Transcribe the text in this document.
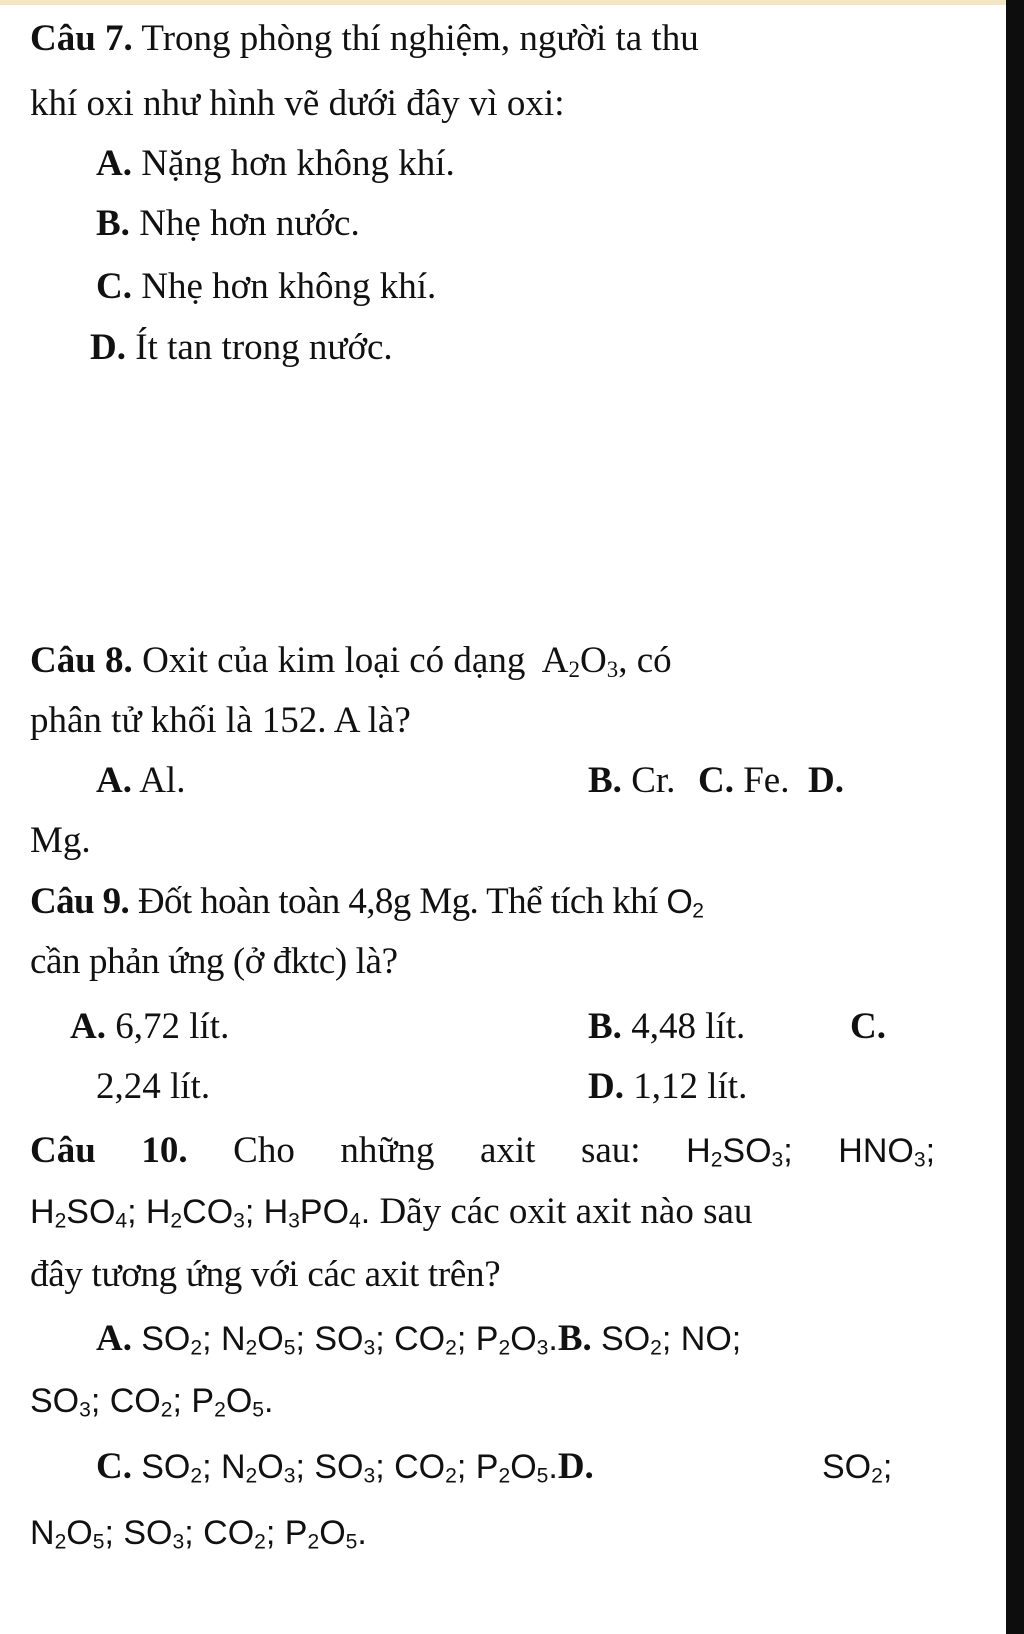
Câu 7. Trong phòng thí nghiệm, người ta thu
khí oxi như hình vẽ dưới đây vì oxi:
A. Nặng hơn không khí.
B. Nhẹ hơn nước.
C. Nhẹ hơn không khí.
D. Ít tan trong nước.
Câu 8. Oxit của kim loại có dạng $A_2O_3$, có
phân tử khối là 152. A là?
A. Al.	B. Cr. C. Fe. D.
Mg.
Câu 9. Đốt hoàn toàn 4,8g Mg. Thể tích khí $O_2$
cần phản ứng (ở đktc) là?
A. 6,72 lít.	B. 4,48 lít.	C.
2,24 lít.	D. 1,12 lít.
Câu 10. Cho những axit sau: $H_2SO_3$; $HNO_3$;
$H_2SO_4$; $H_2CO_3$; $H_3PO_4$. Dãy các oxit axit nào sau
đây tương ứng với các axit trên?
A. $SO_2$; $N_2O_5$; $SO_3$; $CO_2$; $P_2O_3.B$. $SO_2$; NO;
$SO_3$; $CO_2$; $P_2O_5$.
C. $SO_2$; $N_2O_3$; $SO_3$; $CO_2$; $P_2O_5.D$.	$SO_2$;
$N_2O_5$; $SO_3$; $CO_2$; $P_2O_5$.
